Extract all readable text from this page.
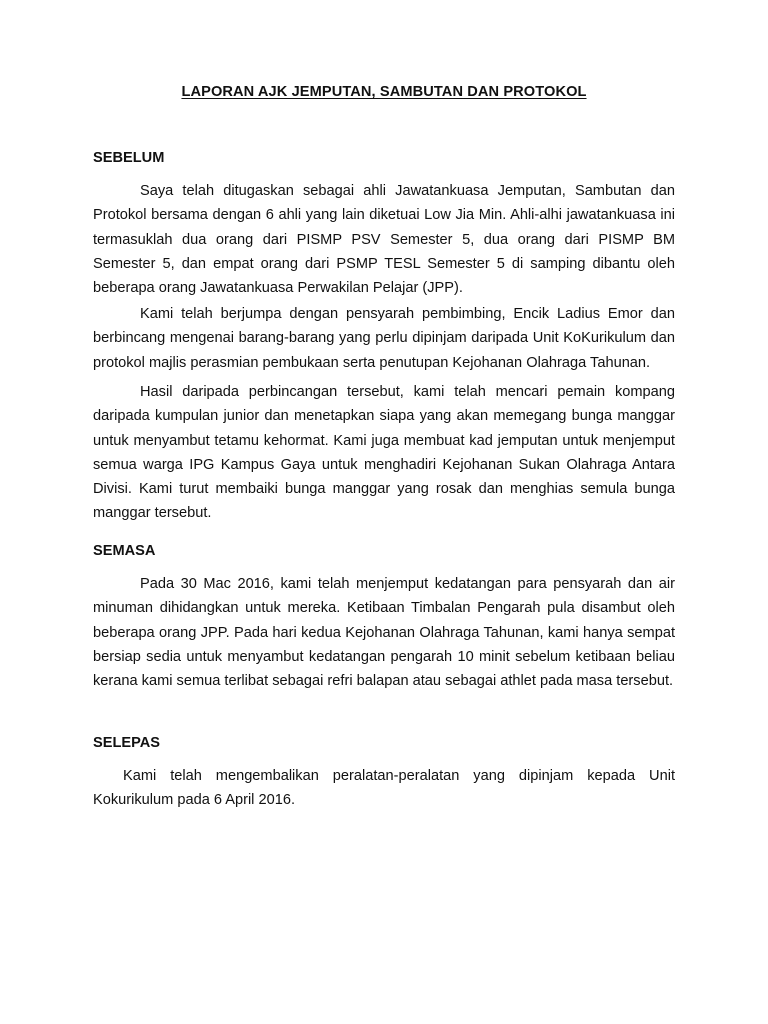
LAPORAN AJK JEMPUTAN, SAMBUTAN DAN PROTOKOL
SEBELUM

Saya telah ditugaskan sebagai ahli Jawatankuasa Jemputan, Sambutan dan Protokol bersama dengan 6 ahli yang lain diketuai Low Jia Min. Ahli-alhi jawatankuasa ini termasuklah dua orang dari PISMP PSV Semester 5, dua orang dari PISMP BM Semester 5, dan empat orang dari PSMP TESL Semester 5 di samping dibantu oleh beberapa orang Jawatankuasa Perwakilan Pelajar (JPP).

Kami telah berjumpa dengan pensyarah pembimbing, Encik Ladius Emor dan berbincang mengenai barang-barang yang perlu dipinjam daripada Unit KoKurikulum dan protokol majlis perasmian pembukaan serta penutupan Kejohanan Olahraga Tahunan.

Hasil daripada perbincangan tersebut, kami telah mencari pemain kompang daripada kumpulan junior dan menetapkan siapa yang akan memegang bunga manggar untuk menyambut tetamu kehormat. Kami juga membuat kad jemputan untuk menjemput semua warga IPG Kampus Gaya untuk menghadiri Kejohanan Sukan Olahraga Antara Divisi. Kami turut membaiki bunga manggar yang rosak dan menghias semula bunga manggar tersebut.

SEMASA

Pada 30 Mac 2016, kami telah menjemput kedatangan para pensyarah dan air minuman dihidangkan untuk mereka. Ketibaan Timbalan Pengarah pula disambut oleh beberapa orang JPP. Pada hari kedua Kejohanan Olahraga Tahunan, kami hanya sempat bersiap sedia untuk menyambut kedatangan pengarah 10 minit sebelum ketibaan beliau kerana kami semua terlibat sebagai refri balapan atau sebagai athlet pada masa tersebut.

SELEPAS

Kami telah mengembalikan peralatan-peralatan yang dipinjam kepada Unit Kokurikulum pada 6 April 2016.
